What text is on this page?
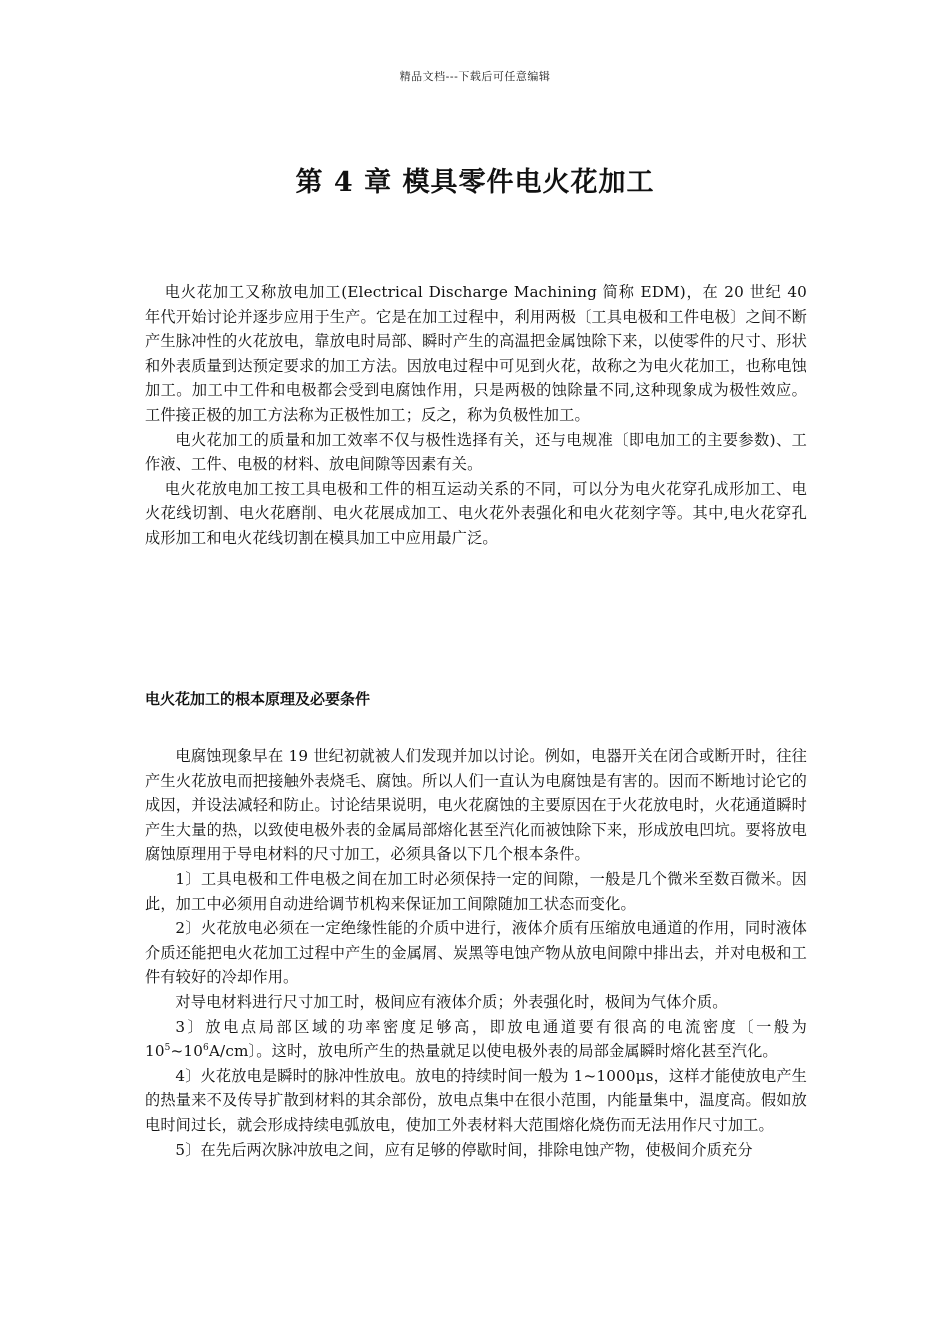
精品文档---下载后可任意编辑
第 4 章 模具零件电火花加工

电火花加工又称放电加工(Electrical Discharge Machining 简称 EDM)，在 20 世纪 40 年代开始讨论并逐步应用于生产。它是在加工过程中，利用两极〔工具电极和工件电极〕之间不断产生脉冲性的火花放电，靠放电时局部、瞬时产生的高温把金属蚀除下来，以使零件的尺寸、形状和外表质量到达预定要求的加工方法。因放电过程中可见到火花，故称之为电火花加工，也称电蚀加工。加工中工件和电极都会受到电腐蚀作用，只是两极的蚀除量不同,这种现象成为极性效应。工件接正极的加工方法称为正极性加工；反之，称为负极性加工。

电火花加工的质量和加工效率不仅与极性选择有关，还与电规准〔即电加工的主要参数)、工作液、工件、电极的材料、放电间隙等因素有关。

电火花放电加工按工具电极和工件的相互运动关系的不同，可以分为电火花穿孔成形加工、电火花线切割、电火花磨削、电火花展成加工、电火花外表强化和电火花刻字等。其中,电火花穿孔成形加工和电火花线切割在模具加工中应用最广泛。

电火花加工的根本原理及必要条件

电腐蚀现象早在 19 世纪初就被人们发现并加以讨论。例如，电器开关在闭合或断开时，往往产生火花放电而把接触外表烧毛、腐蚀。所以人们一直认为电腐蚀是有害的。因而不断地讨论它的成因，并设法减轻和防止。讨论结果说明，电火花腐蚀的主要原因在于火花放电时，火花通道瞬时产生大量的热，以致使电极外表的金属局部熔化甚至汽化而被蚀除下来，形成放电凹坑。要将放电腐蚀原理用于导电材料的尺寸加工，必须具备以下几个根本条件。

1〕工具电极和工件电极之间在加工时必须保持一定的间隙，一般是几个微米至数百微米。因此，加工中必须用自动进给调节机构来保证加工间隙随加工状态而变化。

2〕火花放电必须在一定绝缘性能的介质中进行，液体介质有压缩放电通道的作用，同时液体介质还能把电火花加工过程中产生的金属屑、炭黑等电蚀产物从放电间隙中排出去，并对电极和工件有较好的冷却作用。

对导电材料进行尺寸加工时，极间应有液体介质；外表强化时，极间为气体介质。

3〕放电点局部区域的功率密度足够高，即放电通道要有很高的电流密度〔一般为 $10^5\sim 10^6A/cm$〕。这时，放电所产生的热量就足以使电极外表的局部金属瞬时熔化甚至汽化。

4〕火花放电是瞬时的脉冲性放电。放电的持续时间一般为 1~1000μs，这样才能使放电产生的热量来不及传导扩散到材料的其余部份，放电点集中在很小范围，内能量集中，温度高。假如放电时间过长，就会形成持续电弧放电，使加工外表材料大范围熔化烧伤而无法用作尺寸加工。

5〕在先后两次脉冲放电之间，应有足够的停歇时间，排除电蚀产物，使极间介质充分
